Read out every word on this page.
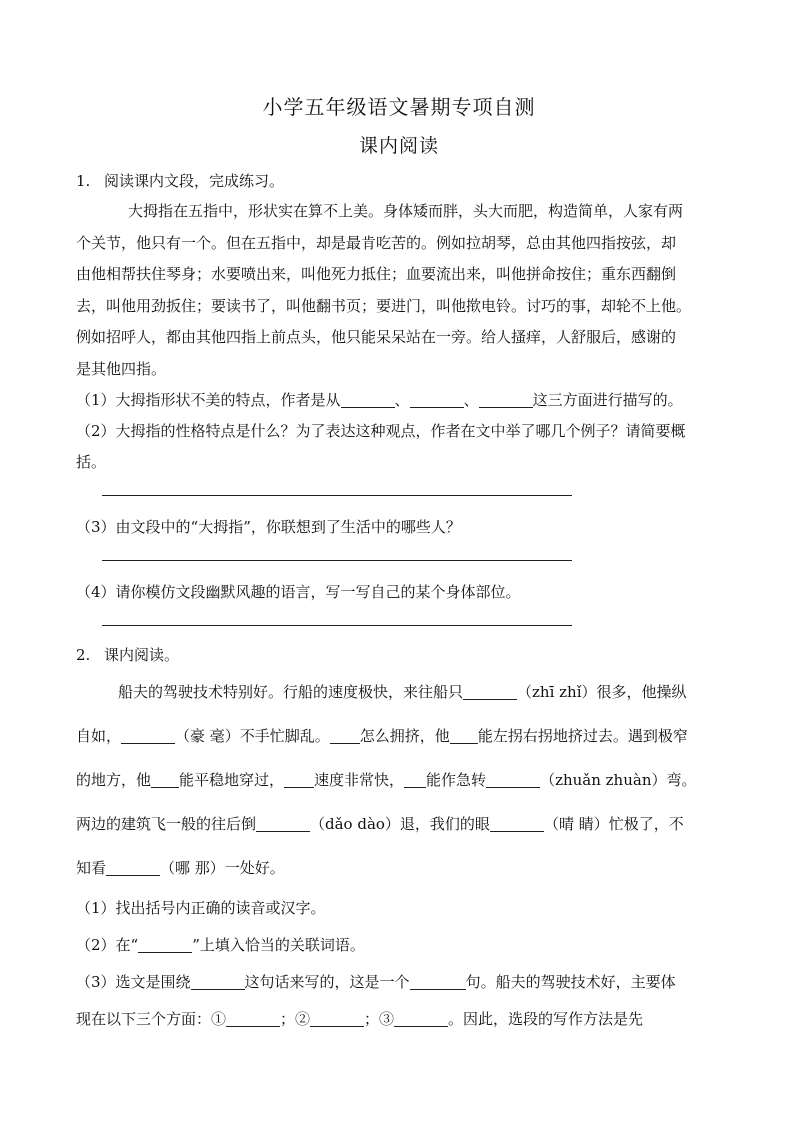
小学五年级语文暑期专项自测
课内阅读
1. 阅读课内文段，完成练习。
大拇指在五指中，形状实在算不上美。身体矮而胖，头大而肥，构造简单，人家有两
个关节，他只有一个。但在五指中，却是最肯吃苦的。例如拉胡琴，总由其他四指按弦，却
由他相帮扶住琴身；水要喷出来，叫他死力抵住；血要流出来，叫他拼命按住；重东西翻倒
去，叫他用劲扳住；要读书了，叫他翻书页；要进门，叫他揿电铃。讨巧的事，却轮不上他。
例如招呼人，都由其他四指上前点头，他只能呆呆站在一旁。给人搔痒，人舒服后，感谢的
是其他四指。
（1）大拇指形状不美的特点，作者是从	、	、	这三方面进行描写的。
（2）大拇指的性格特点是什么？为了表达这种观点，作者在文中举了哪几个例子？请简要概
括。
（3）由文段中的“大拇指”，你联想到了生活中的哪些人？
（4）请你模仿文段幽默风趣的语言，写一写自己的某个身体部位。
2. 课内阅读。
船夫的驾驶技术特别好。行船的速度极快，来往船只	（zhī zhǐ）很多，他操纵
自如，	（豪 毫）不手忙脚乱。 怎么拥挤，他 能左拐右拐地挤过去。遇到极窄
的地方，他 能平稳地穿过， 速度非常快， 能作急转	（zhuǎn zhuàn）弯。
两边的建筑飞一般的往后倒	（dǎo dào）退，我们的眼	（晴 睛）忙极了，不
知看	（哪 那）一处好。
（1）找出括号内正确的读音或汉字。
（2）在“	”上填入恰当的关联词语。
（3）选文是围绕	这句话来写的，这是一个	句。船夫的驾驶技术好，主要体
现在以下三个方面：①	；②	；③	。因此，选段的写作方法是先
